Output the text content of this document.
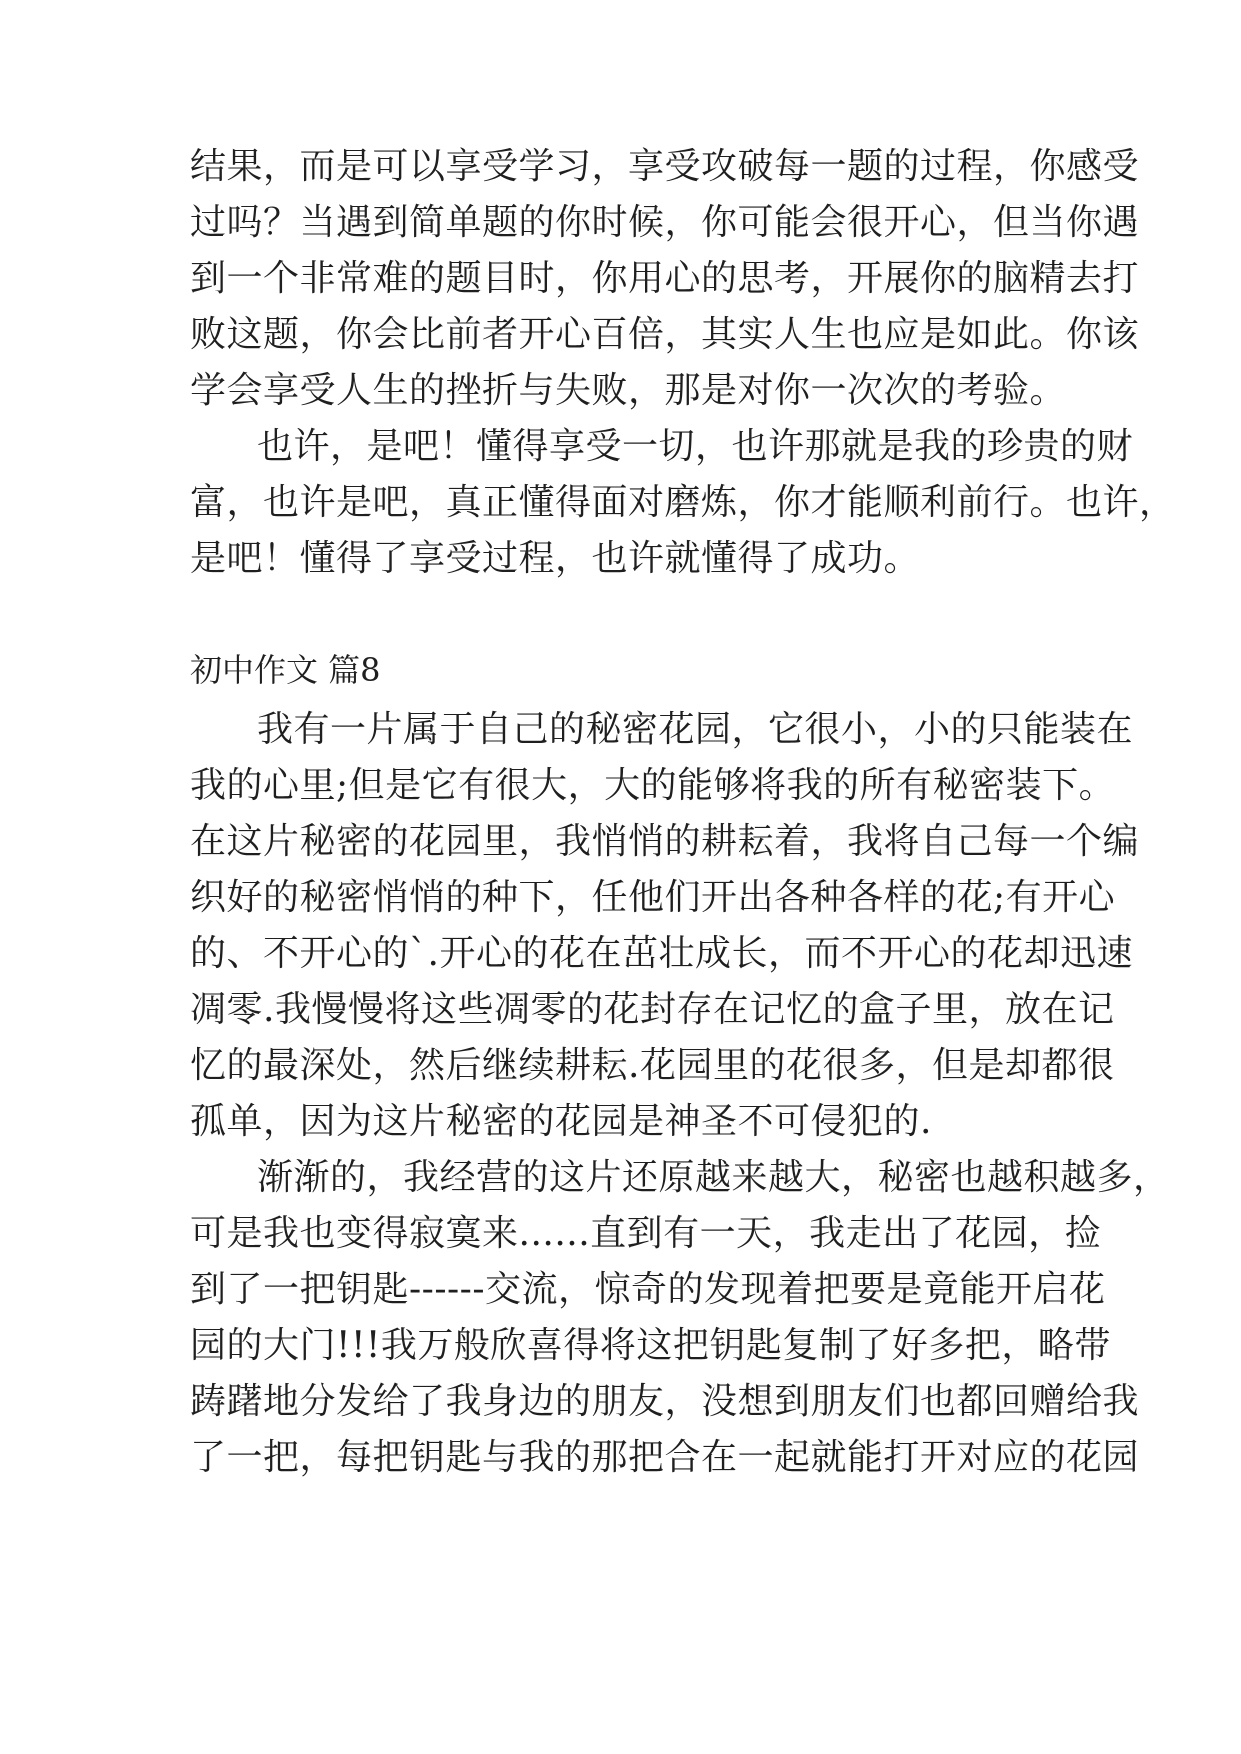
结果，而是可以享受学习，享受攻破每一题的过程，你感受
过吗？当遇到简单题的你时候，你可能会很开心，但当你遇
到一个非常难的题目时，你用心的思考，开展你的脑精去打
败这题，你会比前者开心百倍，其实人生也应是如此。你该
学会享受人生的挫折与失败，那是对你一次次的考验。
也许，是吧！懂得享受一切，也许那就是我的珍贵的财
富，也许是吧，真正懂得面对磨炼，你才能顺利前行。也许，
是吧！懂得了享受过程，也许就懂得了成功。
初中作文 篇8
我有一片属于自己的秘密花园，它很小，小的只能装在
我的心里;但是它有很大，大的能够将我的所有秘密装下。
在这片秘密的花园里，我悄悄的耕耘着，我将自己每一个编
织好的秘密悄悄的种下，任他们开出各种各样的花;有开心
的、不开心的`.开心的花在茁壮成长，而不开心的花却迅速
凋零.我慢慢将这些凋零的花封存在记忆的盒子里，放在记
忆的最深处，然后继续耕耘.花园里的花很多，但是却都很
孤单，因为这片秘密的花园是神圣不可侵犯的.
渐渐的，我经营的这片还原越来越大，秘密也越积越多，
可是我也变得寂寞来......直到有一天，我走出了花园，捡
到了一把钥匙------交流，惊奇的发现着把要是竟能开启花
园的大门!!!我万般欣喜得将这把钥匙复制了好多把，略带
踌躇地分发给了我身边的朋友，没想到朋友们也都回赠给我
了一把，每把钥匙与我的那把合在一起就能打开对应的花园
